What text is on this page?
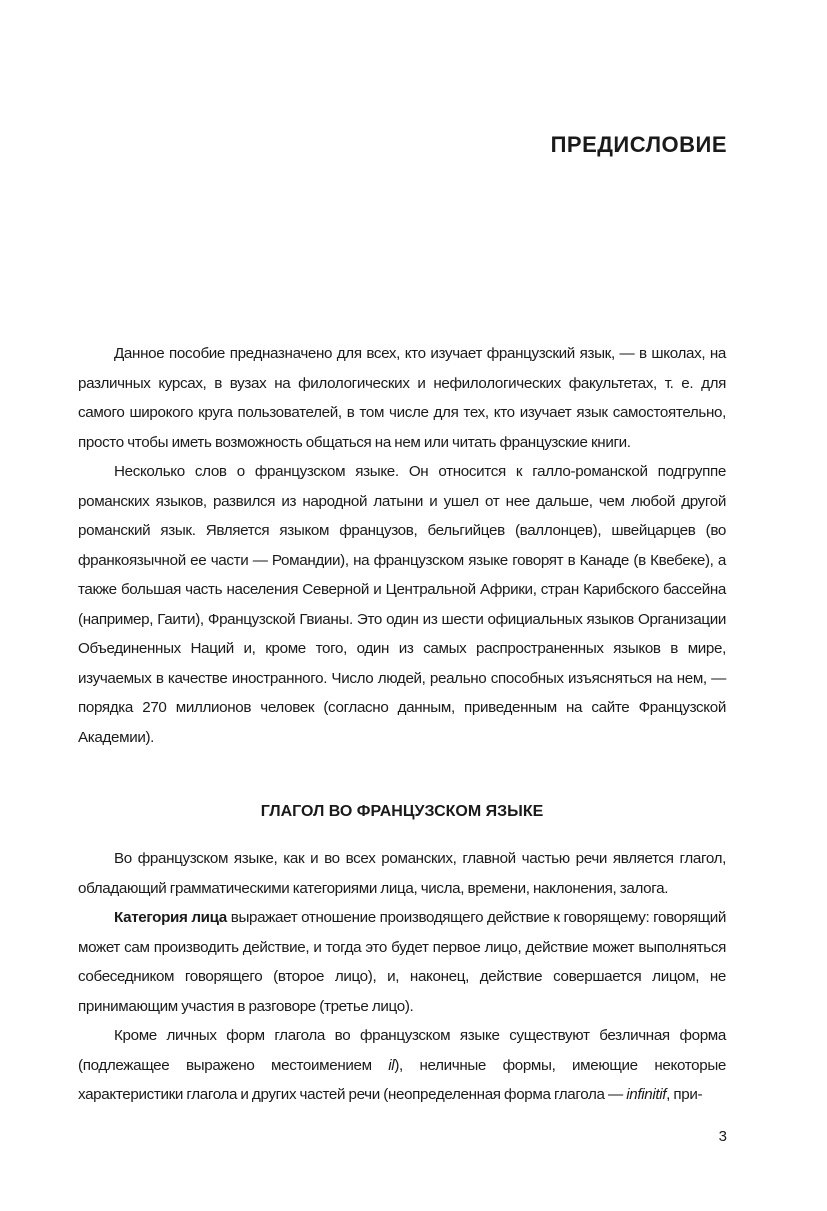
ПРЕДИСЛОВИЕ

Данное пособие предназначено для всех, кто изучает французский язык, — в школах, на различных курсах, в вузах на филологических и нефилологических факультетах, т. е. для самого широкого круга пользователей, в том числе для тех, кто изучает язык самостоятельно, просто чтобы иметь возможность общаться на нем или читать французские книги.

Несколько слов о французском языке. Он относится к галло-романской подгруппе романских языков, развился из народной латыни и ушел от нее дальше, чем любой другой романский язык. Является языком французов, бельгийцев (валлонцев), швейцарцев (во франкоязычной ее части — Романдии), на французском языке говорят в Канаде (в Квебеке), а также большая часть населения Северной и Центральной Африки, стран Карибского бассейна (например, Гаити), Французской Гвианы. Это один из шести официальных языков Организации Объединенных Наций и, кроме того, один из самых распространенных языков в мире, изучаемых в качестве иностранного. Число людей, реально способных изъясняться на нем, — порядка 270 миллионов человек (согласно данным, приведенным на сайте Французской Академии).

ГЛАГОЛ ВО ФРАНЦУЗСКОМ ЯЗЫКЕ

Во французском языке, как и во всех романских, главной частью речи является глагол, обладающий грамматическими категориями лица, числа, времени, наклонения, залога.

Категория лица выражает отношение производящего действие к говорящему: говорящий может сам производить действие, и тогда это будет первое лицо, действие может выполняться собеседником говорящего (второе лицо), и, наконец, действие совершается лицом, не принимающим участия в разговоре (третье лицо).

Кроме личных форм глагола во французском языке существуют безличная форма (подлежащее выражено местоимением il), неличные формы, имеющие некоторые характеристики глагола и других частей речи (неопределенная форма глагола — infinitif, при-

3
